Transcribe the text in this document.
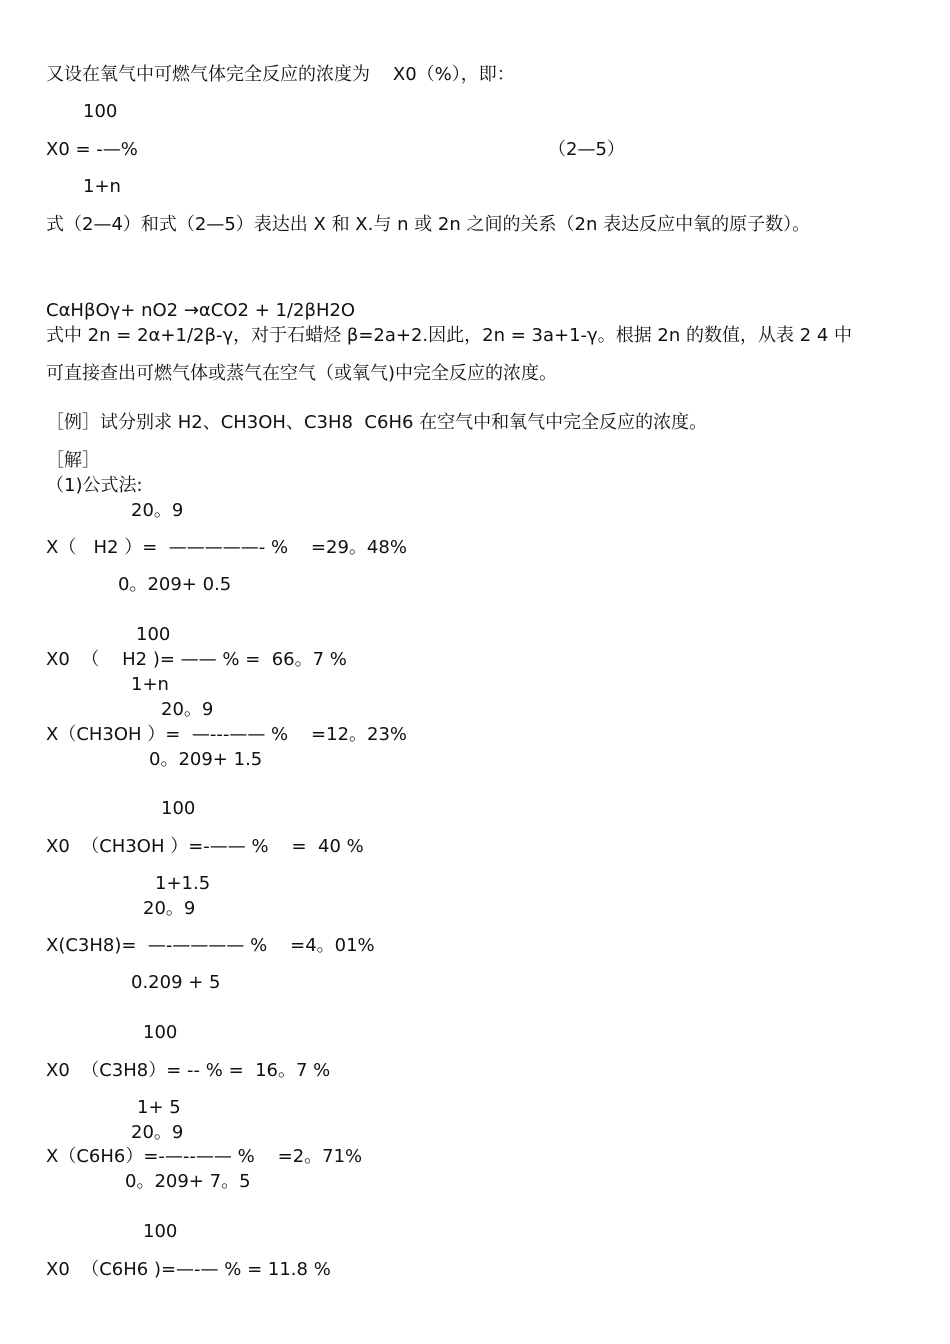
又设在氧气中可燃气体完全反应的浓度为    X0（%），即：
100
X0 = -—%	（2—5）
1+n
式（2—4）和式（2—5）表达出 X 和 X.与 n 或 2n 之间的关系（2n 表达反应中氧的原子数）。
CαHβOγ+ nO2 →αCO2 + 1/2βH2O
式中 2n = 2α+1/2β-γ，对于石蜡烃 β=2a+2.因此，2n = 3a+1-γ。根据 2n 的数值，从表 2 4 中
可直接查出可燃气体或蒸气在空气（或氧气)中完全反应的浓度。
［例］试分别求 H2、CH3OH、C3H8  C6H6 在空气中和氧气中完全反应的浓度。
［解］
（1)公式法:
20。9
X（   H2 ）=  —————- %    =29。48%
0。209+ 0.5
100
X0  （    H2 )= —— % =  66。7 %
1+n
20。9
X（CH3OH ）=  —---—— %    =12。23%
0。209+ 1.5
100
X0  （CH3OH ）=-—— %    =  40 %
1+1.5
20。9
X(C3H8)=  —-———— %    =4。01%
0.209 + 5
100
X0  （C3H8）= -- % =  16。7 %
1+ 5
20。9
X（C6H6）=-—--—— %    =2。71%
0。209+ 7。5
100
X0  （C6H6 )=—-— % = 11.8 %
